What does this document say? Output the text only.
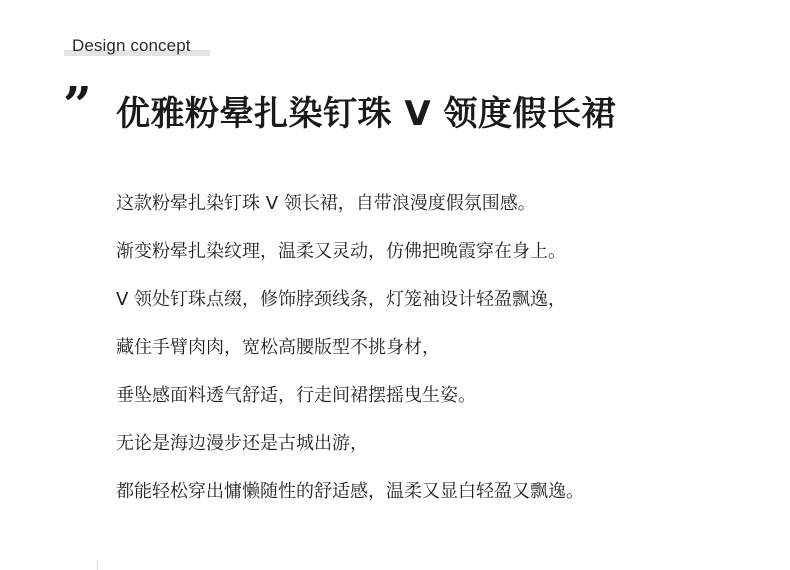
Design concept
” 优雅粉晕扎染钉珠 V 领度假长裙
这款粉晕扎染钉珠 V 领长裙，自带浪漫度假氛围感。
渐变粉晕扎染纹理，温柔又灵动，仿佛把晚霞穿在身上。
V 领处钉珠点缀，修饰脖颈线条，灯笼袖设计轻盈飘逸，
藏住手臂肉肉，宽松高腰版型不挑身材，
垂坠感面料透气舒适，行走间裙摆摇曳生姿。
无论是海边漫步还是古城出游，
都能轻松穿出慵懒随性的舒适感，温柔又显白轻盈又飘逸。
